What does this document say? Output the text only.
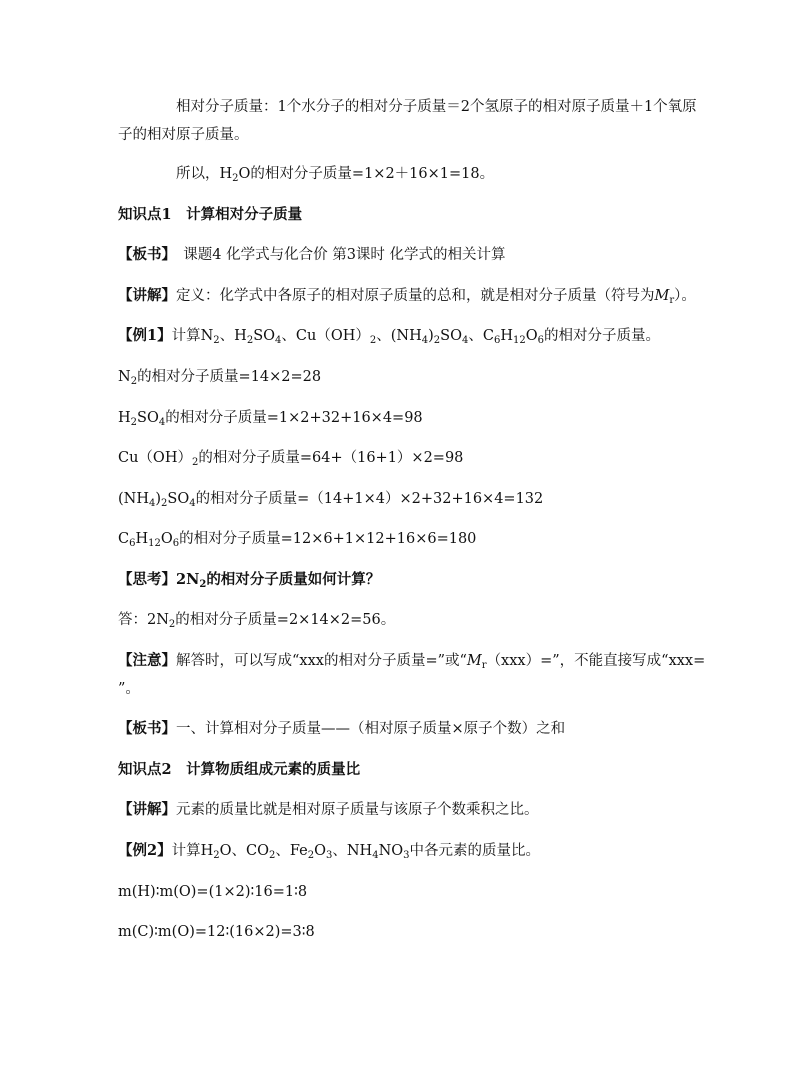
相对分子质量：1个水分子的相对分子质量＝2个氢原子的相对原子质量＋1个氧原
子的相对原子质量。
所以，$H_2O$的相对分子质量=1×2＋16×1=18。
知识点1　计算相对分子质量
【板书】　课题4 化学式与化合价 第3课时 化学式的相关计算
【讲解】定义：化学式中各原子的相对原子质量的总和，就是相对分子质量（符号为$M_r$）。
【例1】计算$N_2$、$H_2SO_4$、$Cu(OH)_2$、$(NH_4)_2SO_4$、$C_6H_{12}O_6$的相对分子质量。
$N_2$的相对分子质量=14×2=28
$H_2SO_4$的相对分子质量=1×2+32+16×4=98
$Cu(OH)_2$的相对分子质量=64+（16+1）×2=98
$(NH_4)_2SO_4$的相对分子质量=（14+1×4）×2+32+16×4=132
$C_6H_{12}O_6$的相对分子质量=12×6+1×12+16×6=180
【思考】$2N_2$的相对分子质量如何计算？
答：$2N_2$的相对分子质量=2×14×2=56。
【注意】解答时，可以写成“xxx的相对分子质量=”或“$M_r(xxx)=$”，不能直接写成“xxx=
”。
【板书】一、计算相对分子质量——（相对原子质量×原子个数）之和
知识点2　计算物质组成元素的质量比
【讲解】元素的质量比就是相对原子质量与该原子个数乘积之比。
【例2】计算$H_2O$、$CO_2$、$Fe_2O_3$、$NH_4NO_3$中各元素的质量比。
m(H)∶m(O)=(1×2)∶16=1∶8
m(C)∶m(O)=12∶(16×2)=3∶8
